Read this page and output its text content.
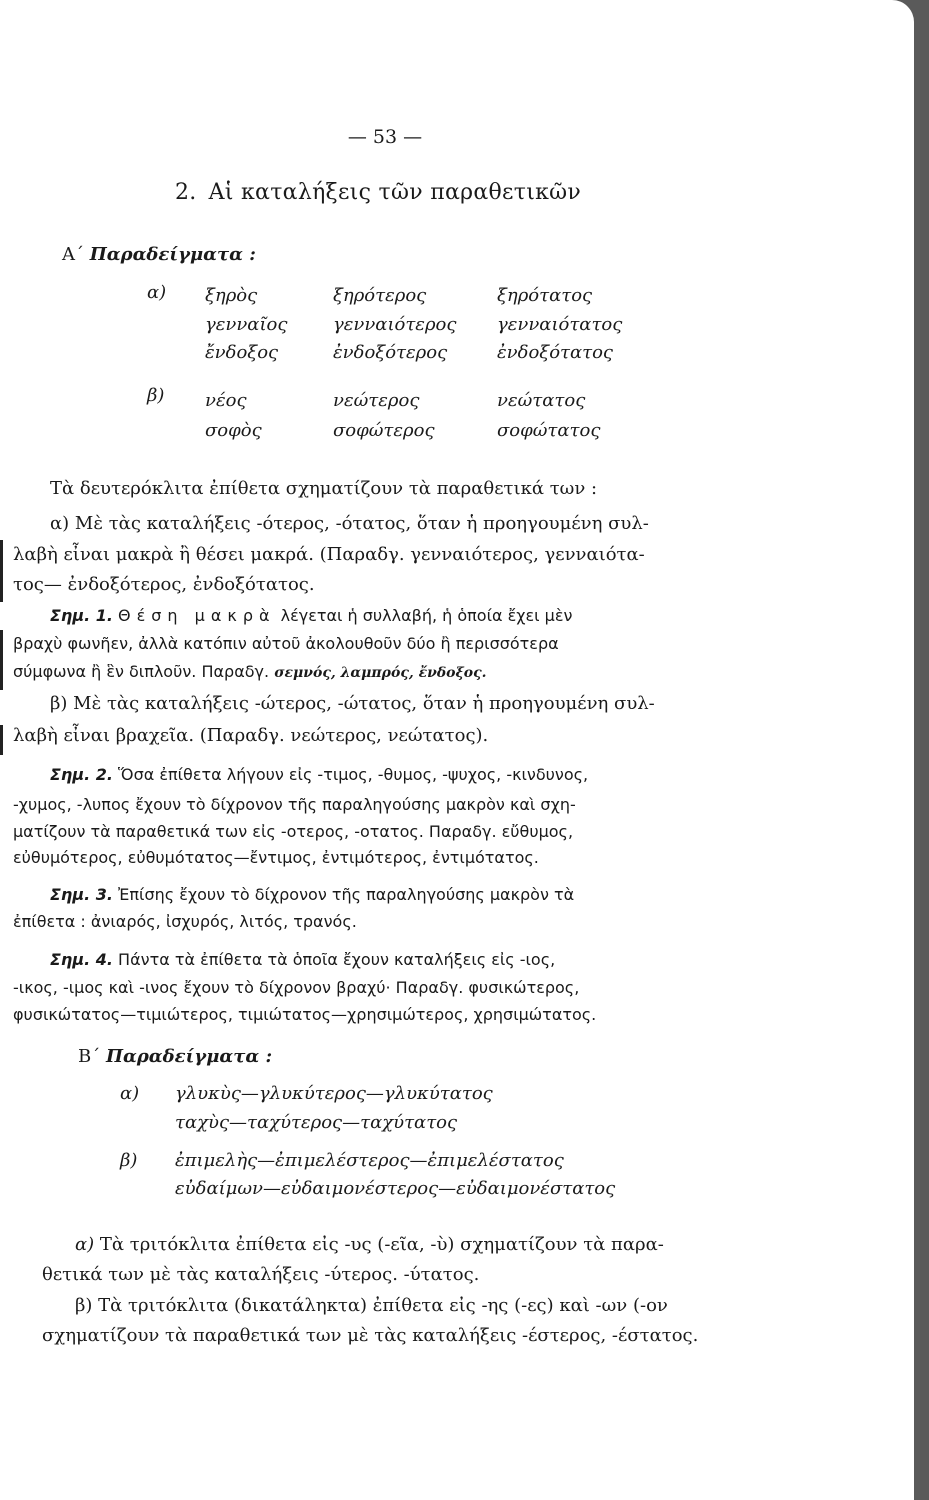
— 53 —
2. Αἱ καταλήξεις τῶν παραθετικῶν
Α΄ Παραδείγματα :
α) ξηρὸς	ξηρότερος	ξηρότατος
γενναῖος	γενναιότερος γενναιότατος
ἔνδοξος	ἐνδοξότερος	ἐνδοξότατος
β) νέος	νεώτερος	νεώτατος
σοφὸς	σοφώτερος	σοφώτατος
Τὰ δευτερόκλιτα ἐπίθετα σχηματίζουν τὰ παραθετικά των :
α) Μὲ τὰς καταλήξεις -ότερος, -ότατος, ὅταν ἡ προηγουμένη συλ-
λαβὴ εἶναι μακρὰ ἢ θέσει μακρά. (Παραδγ. γενναιότερος, γενναιότα-
τος— ἐνδοξότερος, ἐνδοξότατος.
Σημ. 1. Θέση μακρὰ λέγεται ἡ συλλαβή, ἡ ὁποία ἔχει μὲν
βραχὺ φωνῆεν, ἀλλὰ κατόπιν αὐτοῦ ἀκολουθοῦν δύο ἢ περισσότερα
σύμφωνα ἢ ἓν διπλοῦν. Παραδγ. σεμνός, λαμπρός, ἔνδοξος.
β) Μὲ τὰς καταλήξεις -ώτερος, -ώτατος, ὅταν ἡ προηγουμένη συλ-
λαβὴ εἶναι βραχεῖα. (Παραδγ. νεώτερος, νεώτατος).
Σημ. 2. Ὅσα ἐπίθετα λήγουν εἰς -τιμος, -θυμος, -ψυχος, -κινδυνος,
-χυμος, -λυπος ἔχουν τὸ δίχρονον τῆς παραληγούσης μακρὸν καὶ σχη-
ματίζουν τὰ παραθετικά των εἰς -οτερος, -οτατος. Παραδγ. εὔθυμος,
εὐθυμότερος, εὐθυμότατος—ἔντιμος, ἐντιμότερος, ἐντιμότατος.
Σημ. 3. Ἐπίσης ἔχουν τὸ δίχρονον τῆς παραληγούσης μακρὸν τὰ
ἐπίθετα : ἀνιαρός, ἰσχυρός, λιτός, τρανός.
Σημ. 4. Πάντα τὰ ἐπίθετα τὰ ὁποῖα ἔχουν καταλήξεις εἰς -ιος,
-ικος, -ιμος καὶ -ινος ἔχουν τὸ δίχρονον βραχύ· Παραδγ. φυσικώτερος,
φυσικώτατος—τιμιώτερος, τιμιώτατος—χρησιμώτερος, χρησιμώτατος.
Β΄ Παραδείγματα :
α) γλυκὺς—γλυκύτερος—γλυκύτατος
ταχὺς—ταχύτερος—ταχύτατος
β) ἐπιμελὴς—ἐπιμελέστερος—ἐπιμελέστατος
εὐδαίμων—εὐδαιμονέστερος—εὐδαιμονέστατος
α) Τὰ τριτόκλιτα ἐπίθετα εἰς -υς (-εῖα, -ὺ) σχηματίζουν τὰ παρα-
θετικά των μὲ τὰς καταλήξεις -ύτερος. -ύτατος.
β) Τὰ τριτόκλιτα (δικατάληκτα) ἐπίθετα εἰς -ης (-ες) καὶ -ων (-ον
σχηματίζουν τὰ παραθετικά των μὲ τὰς καταλήξεις -έστερος, -έστατος.
